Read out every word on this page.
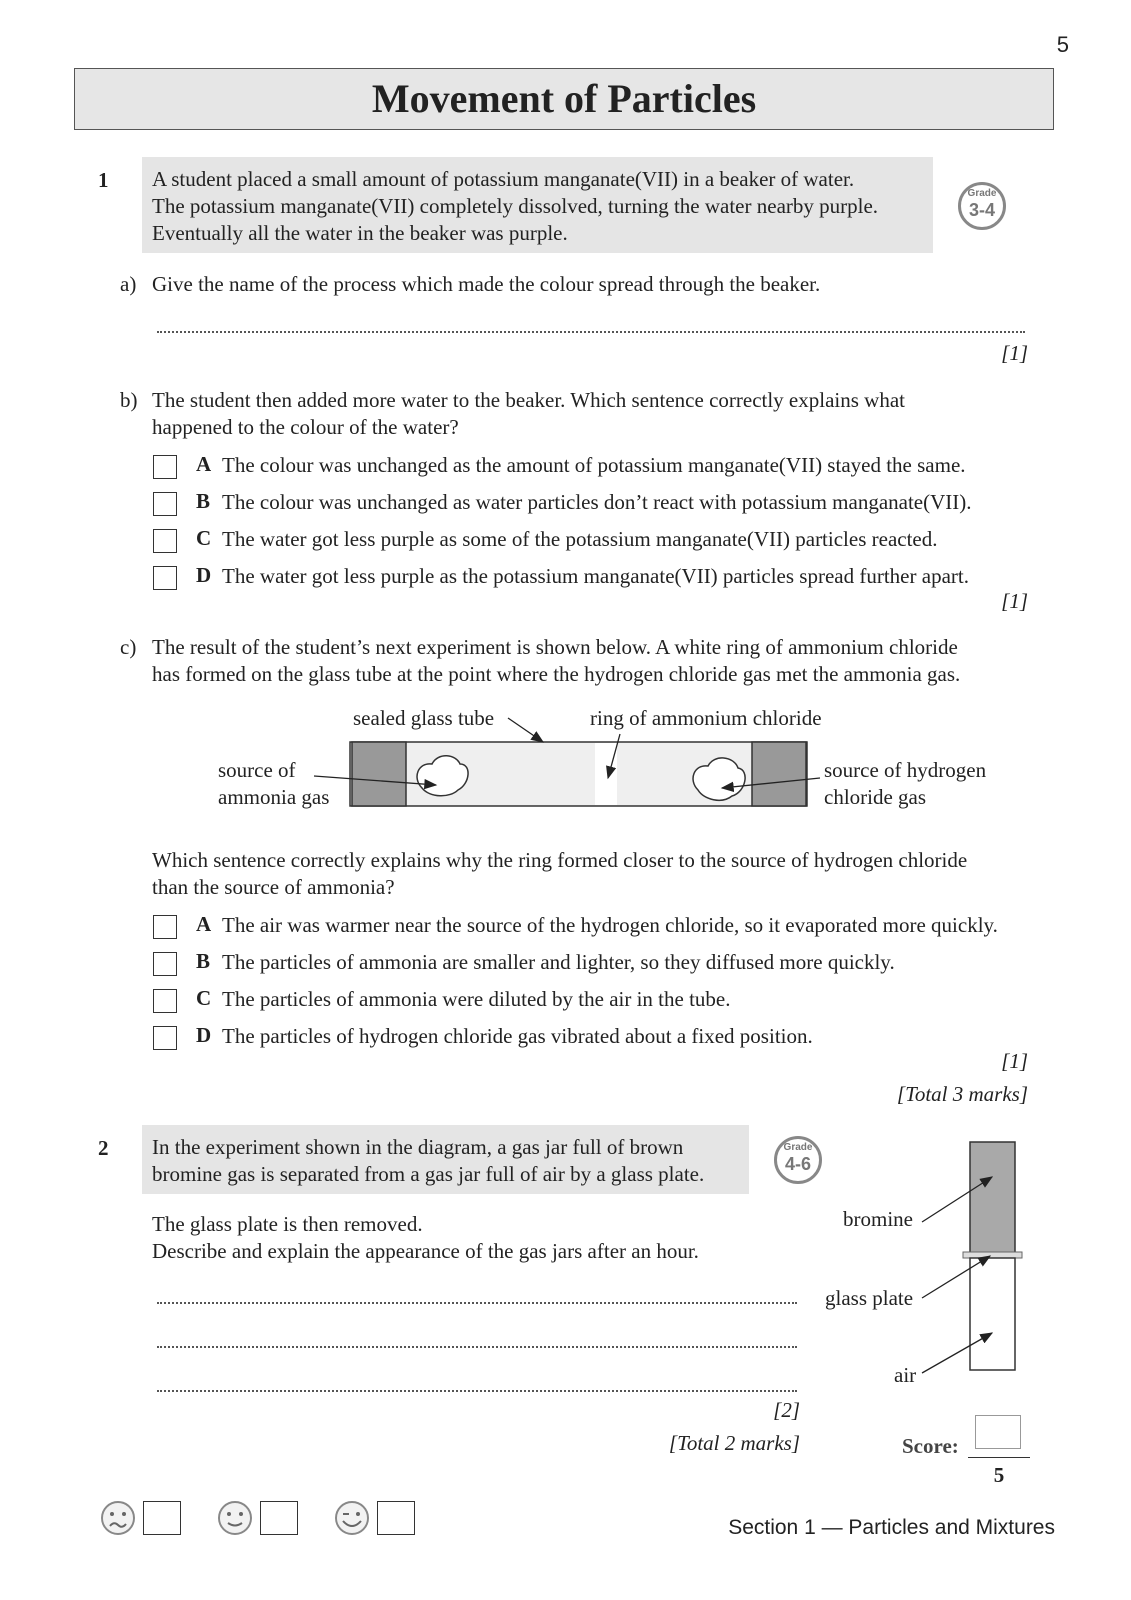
5
Movement of Particles
1 A student placed a small amount of potassium manganate(VII) in a beaker of water.
The potassium manganate(VII) completely dissolved, turning the water nearby purple.
Eventually all the water in the beaker was purple.
Grade
3-4
a) Give the name of the process which made the colour spread through the beaker.
[1]
b) The student then added more water to the beaker. Which sentence correctly explains what
happened to the colour of the water?
A The colour was unchanged as the amount of potassium manganate(VII) stayed the same.
B The colour was unchanged as water particles don’t react with potassium manganate(VII).
C The water got less purple as some of the potassium manganate(VII) particles reacted.
D The water got less purple as the potassium manganate(VII) particles spread further apart.
[1]
c) The result of the student’s next experiment is shown below. A white ring of ammonium chloride
has formed on the glass tube at the point where the hydrogen chloride gas met the ammonia gas.
sealed glass tube	ring of ammonium chloride
source of
ammonia gas
source of hydrogen
chloride gas
Which sentence correctly explains why the ring formed closer to the source of hydrogen chloride
than the source of ammonia?
A The air was warmer near the source of the hydrogen chloride, so it evaporated more quickly.
B The particles of ammonia are smaller and lighter, so they diffused more quickly.
C The particles of ammonia were diluted by the air in the tube.
D The particles of hydrogen chloride gas vibrated about a fixed position.
[1]
[Total 3 marks]
2 In the experiment shown in the diagram, a gas jar full of brown
bromine gas is separated from a gas jar full of air by a glass plate.
Grade
4-6
The glass plate is then removed.
Describe and explain the appearance of the gas jars after an hour.
[2]
[Total 2 marks]
bromine
glass plate
air
Score:
5
Section 1 — Particles and Mixtures
